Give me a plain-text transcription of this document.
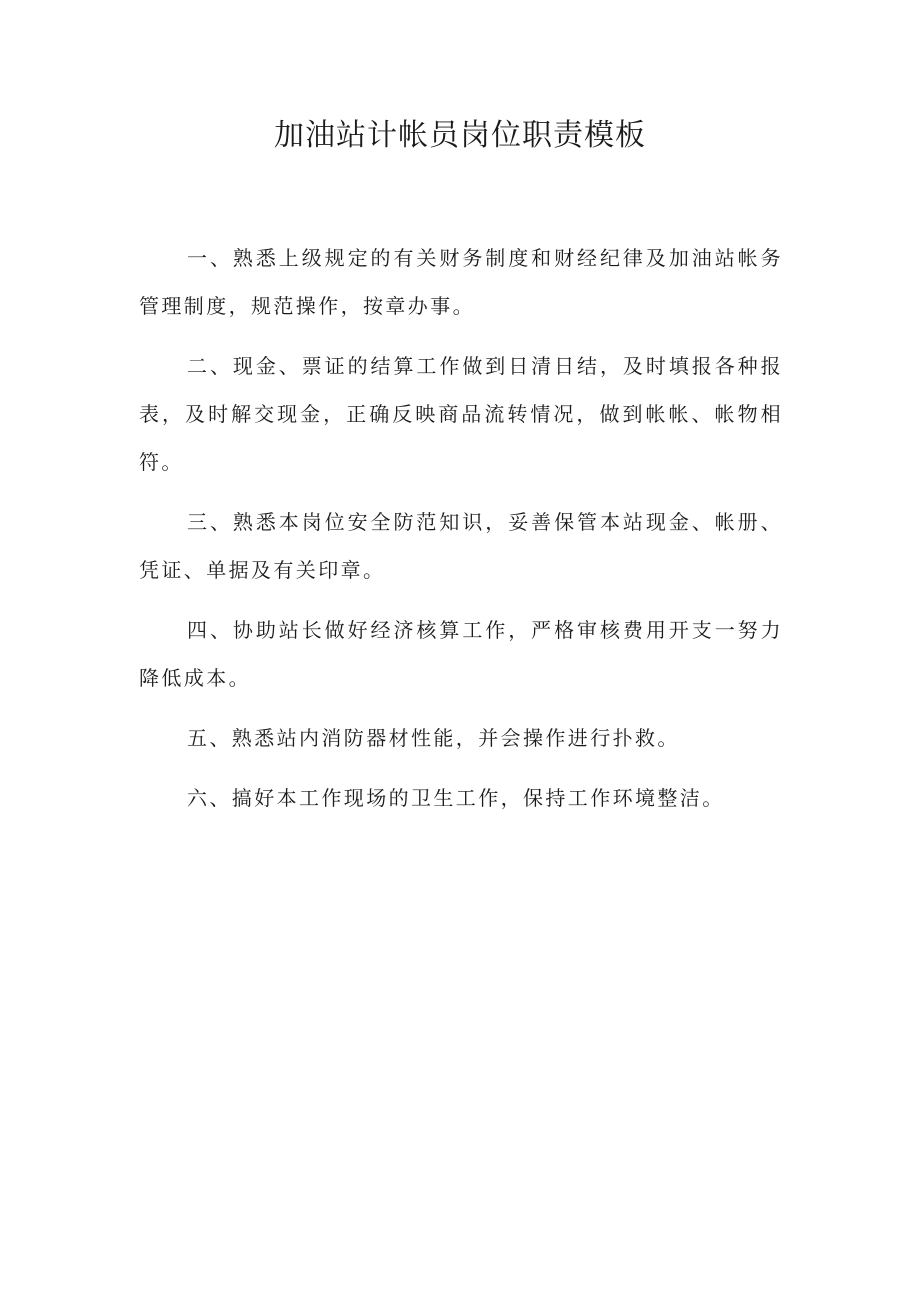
加油站计帐员岗位职责模板

一、熟悉上级规定的有关财务制度和财经纪律及加油站帐务管理制度，规范操作，按章办事。

二、现金、票证的结算工作做到日清日结，及时填报各种报表，及时解交现金，正确反映商品流转情况，做到帐帐、帐物相符。

三、熟悉本岗位安全防范知识，妥善保管本站现金、帐册、凭证、单据及有关印章。

四、协助站长做好经济核算工作，严格审核费用开支一努力降低成本。

五、熟悉站内消防器材性能，并会操作进行扑救。

六、搞好本工作现场的卫生工作，保持工作环境整洁。
